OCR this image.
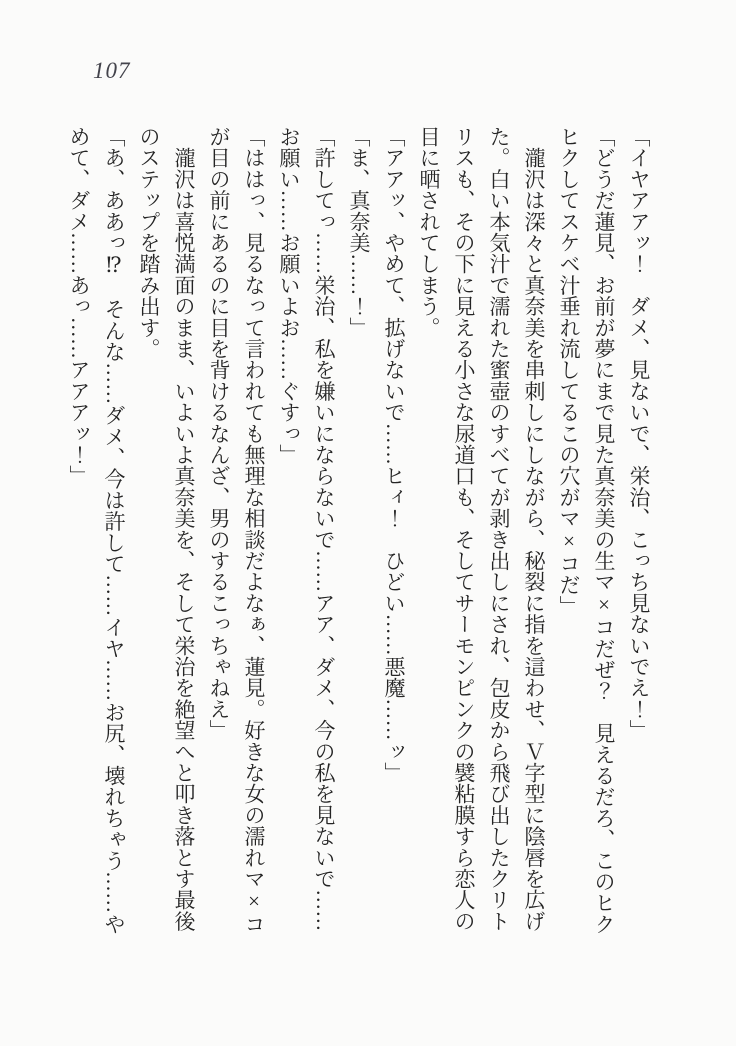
107
「イヤアアッ！　ダメ、見ないで、栄治、こっち見ないでえ！」
「どうだ蓮見、お前が夢にまで見た真奈美の生マ×コだぜ？　見えるだろ、このヒク
ヒクしてスケベ汁垂れ流してるこの穴がマ×コだ」
　瀧沢は深々と真奈美を串刺しにしながら、秘裂に指を這わせ、Ｖ字型に陰唇を広げ
た。白い本気汁で濡れた蜜壺のすべてが剥き出しにされ、包皮から飛び出したクリト
リスも、その下に見える小さな尿道口も、そしてサーモンピンクの襞粘膜すら恋人の
目に晒されてしまう。
「アアッ、やめて、拡げないで……ヒィ！　ひどい……悪魔……ッ」
「ま、真奈美……！」
「許してっ……栄治、私を嫌いにならないで……アア、ダメ、今の私を見ないで……
お願い……お願いよお……ぐすっ」
「ははっ、見るなって言われても無理な相談だよなぁ、蓮見。好きな女の濡れマ×コ
が目の前にあるのに目を背けるなんざ、男のするこっちゃねえ」
　瀧沢は喜悦満面のまま、いよいよ真奈美を、そして栄治を絶望へと叩き落とす最後
のステップを踏み出す。
「あ、ああっ⁉　そんな……ダメ、今は許して……イヤ……お尻、壊れちゃう……や
めて、ダメ……あっ……アアアッ！」
